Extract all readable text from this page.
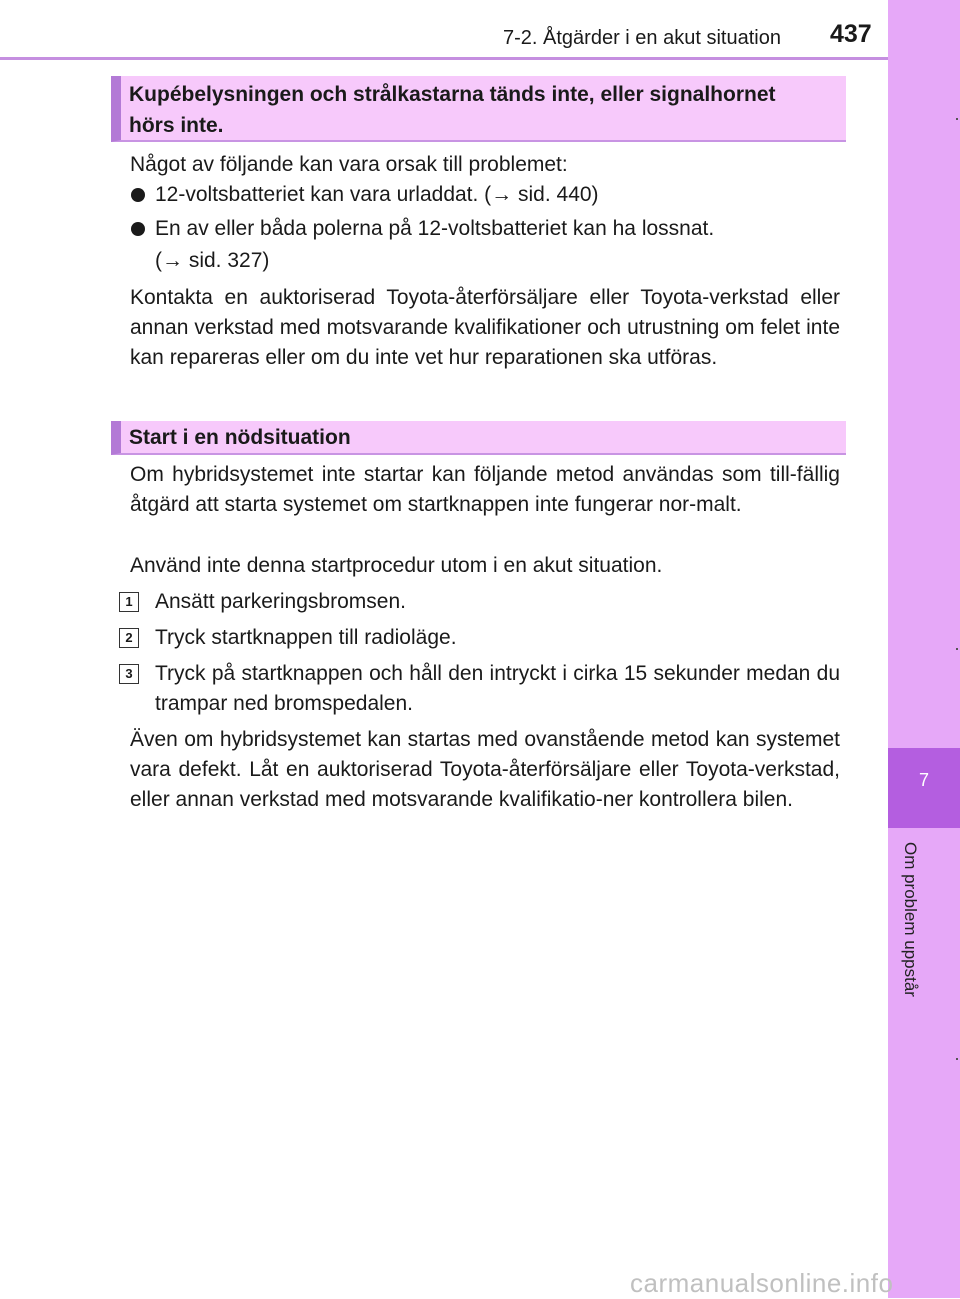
7-2. Åtgärder i en akut situation 437
7
Om problem uppstår
Kupébelysningen och strålkastarna tänds inte, eller signalhornet
hörs inte.
Något av följande kan vara orsak till problemet:
12-voltsbatteriet kan vara urladdat. (→ sid. 440)
En av eller båda polerna på 12-voltsbatteriet kan ha lossnat.
(→ sid. 327)
Kontakta en auktoriserad Toyota-återförsäljare eller Toyota-verkstad eller annan verkstad med motsvarande kvalifikationer och utrustning om felet inte kan repareras eller om du inte vet hur reparationen ska utföras.
Start i en nödsituation
Om hybridsystemet inte startar kan följande metod användas som till-fällig åtgärd att starta systemet om startknappen inte fungerar nor-malt.
Använd inte denna startprocedur utom i en akut situation.
1	Ansätt parkeringsbromsen.
2	Tryck startknappen till radioläge.
3	Tryck på startknappen och håll den intryckt i cirka 15 sekunder medan du trampar ned bromspedalen.
Även om hybridsystemet kan startas med ovanstående metod kan systemet vara defekt. Låt en auktoriserad Toyota-återförsäljare eller Toyota-verkstad, eller annan verkstad med motsvarande kvalifikatio-ner kontrollera bilen.
carmanualsonline.info
